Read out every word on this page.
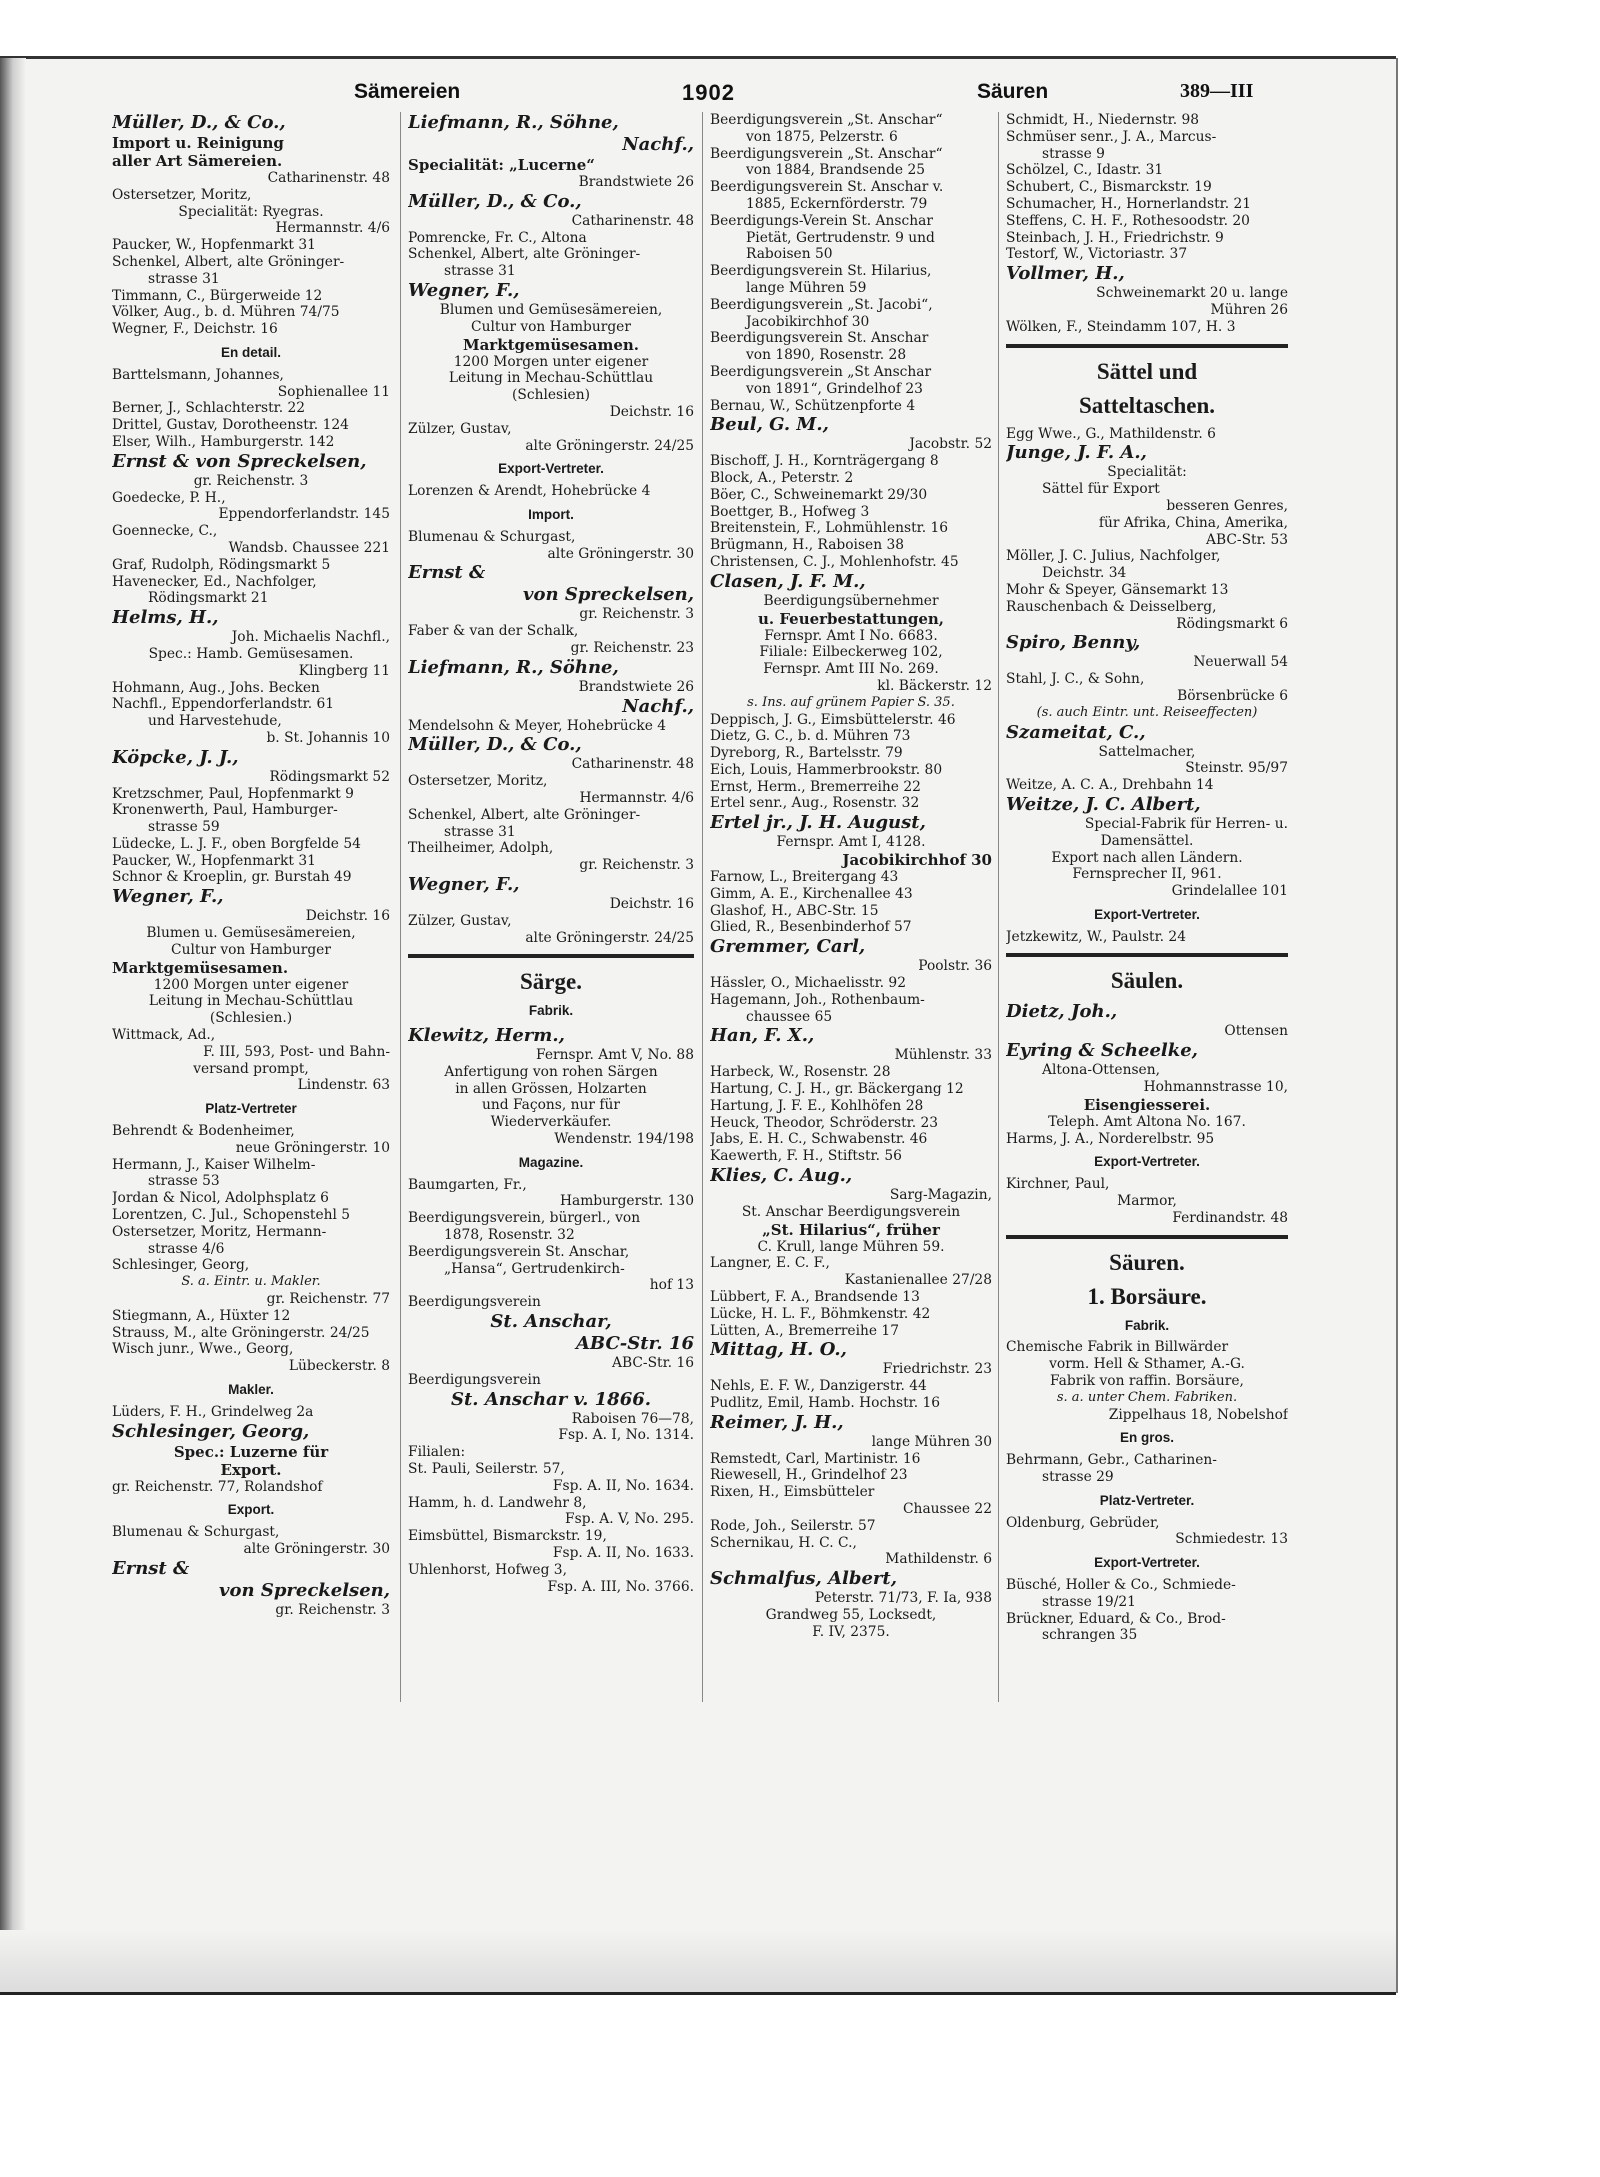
Sämereien	1902	Säuren	389—III
Müller, D., & Co.,
Import u. Reinigung
aller Art Sämereien.
Catharinenstr. 48
Ostersetzer, Moritz,
Specialität: Ryegras.
Hermannstr. 4/6
Paucker, W., Hopfenmarkt 31
Schenkel, Albert, alte Gröninger-
strasse 31
Timmann, C., Bürgerweide 12
Völker, Aug., b. d. Mühren 74/75
Wegner, F., Deichstr. 16
En detail.
Barttelsmann, Johannes,
Sophienallee 11
Berner, J., Schlachterstr. 22
Drittel, Gustav, Dorotheenstr. 124
Elser, Wilh., Hamburgerstr. 142
Ernst & von Spreckelsen,
gr. Reichenstr. 3
Goedecke, P. H.,
Eppendorferlandstr. 145
Goennecke, C.,
Wandsb. Chaussee 221
Graf, Rudolph, Rödingsmarkt 5
Havenecker, Ed., Nachfolger,
Rödingsmarkt 21
Helms, H.,
Joh. Michaelis Nachfl.,
Spec.: Hamb. Gemüsesamen.
Klingberg 11
Hohmann, Aug., Johs. Becken
Nachfl., Eppendorferlandstr. 61
und Harvestehude,
b. St. Johannis 10
Köpcke, J. J.,
Rödingsmarkt 52
Kretzschmer, Paul, Hopfenmarkt 9
Kronenwerth, Paul, Hamburger-
strasse 59
Lüdecke, L. J. F., oben Borgfelde 54
Paucker, W., Hopfenmarkt 31
Schnor & Kroeplin, gr. Burstah 49
Wegner, F.,
Deichstr. 16
Blumen u. Gemüsesämereien,
Cultur von Hamburger
Marktgemüsesamen.
1200 Morgen unter eigener
Leitung in Mechau-Schüttlau
(Schlesien.)
Wittmack, Ad.,
F. III, 593, Post- und Bahn-
versand prompt,
Lindenstr. 63
Platz-Vertreter
Behrendt & Bodenheimer,
neue Gröningerstr. 10
Hermann, J., Kaiser Wilhelm-
strasse 53
Jordan & Nicol, Adolphsplatz 6
Lorentzen, C. Jul., Schopenstehl 5
Ostersetzer, Moritz, Hermann-
strasse 4/6
Schlesinger, Georg,
S. a. Eintr. u. Makler.
gr. Reichenstr. 77
Stiegmann, A., Hüxter 12
Strauss, M., alte Gröningerstr. 24/25
Wisch junr., Wwe., Georg,
Lübeckerstr. 8
Makler.
Lüders, F. H., Grindelweg 2a
Schlesinger, Georg,
Spec.: Luzerne für
Export.
gr. Reichenstr. 77, Rolandshof
Export.
Blumenau & Schurgast,
alte Gröningerstr. 30
Ernst &
von Spreckelsen,
gr. Reichenstr. 3
Liefmann, R., Söhne,
Nachf.,
Specialität: „Lucerne“
Brandstwiete 26
Müller, D., & Co.,
Catharinenstr. 48
Pomrencke, Fr. C., Altona
Schenkel, Albert, alte Gröninger-
strasse 31
Wegner, F.,
Blumen und Gemüsesämereien,
Cultur von Hamburger
Marktgemüsesamen.
1200 Morgen unter eigener
Leitung in Mechau-Schüttlau
(Schlesien)
Deichstr. 16
Zülzer, Gustav,
alte Gröningerstr. 24/25
Export-Vertreter.
Lorenzen & Arendt, Hohebrücke 4
Import.
Blumenau & Schurgast,
alte Gröningerstr. 30
Ernst &
von Spreckelsen,
gr. Reichenstr. 3
Faber & van der Schalk,
gr. Reichenstr. 23
Liefmann, R., Söhne,
Brandstwiete 26
Nachf.,
Mendelsohn & Meyer, Hohebrücke 4
Müller, D., & Co.,
Catharinenstr. 48
Ostersetzer, Moritz,
Hermannstr. 4/6
Schenkel, Albert, alte Gröninger-
strasse 31
Theilheimer, Adolph,
gr. Reichenstr. 3
Wegner, F.,
Deichstr. 16
Zülzer, Gustav,
alte Gröningerstr. 24/25
Särge.
Fabrik.
Klewitz, Herm.,
Fernspr. Amt V, No. 88
Anfertigung von rohen Särgen
in allen Grössen, Holzarten
und Façons, nur für
Wiederverkäufer.
Wendenstr. 194/198
Magazine.
Baumgarten, Fr.,
Hamburgerstr. 130
Beerdigungsverein, bürgerl., von
1878, Rosenstr. 32
Beerdigungsverein St. Anschar,
„Hansa“, Gertrudenkirch-
hof 13
Beerdigungsverein
St. Anschar,
ABC-Str. 16
ABC-Str. 16
Beerdigungsverein
St. Anschar v. 1866.
Raboisen 76—78,
Fsp. A. I, No. 1314.
Filialen:
St. Pauli, Seilerstr. 57,
Fsp. A. II, No. 1634.
Hamm, h. d. Landwehr 8,
Fsp. A. V, No. 295.
Eimsbüttel, Bismarckstr. 19,
Fsp. A. II, No. 1633.
Uhlenhorst, Hofweg 3,
Fsp. A. III, No. 3766.
Beerdigungsverein „St. Anschar“
von 1875, Pelzerstr. 6
Beerdigungsverein „St. Anschar“
von 1884, Brandsende 25
Beerdigungsverein St. Anschar v.
1885, Eckernförderstr. 79
Beerdigungs-Verein St. Anschar
Pietät, Gertrudenstr. 9 und
Raboisen 50
Beerdigungsverein St. Hilarius,
lange Mühren 59
Beerdigungsverein „St. Jacobi“,
Jacobikirchhof 30
Beerdigungsverein St. Anschar
von 1890, Rosenstr. 28
Beerdigungsverein „St Anschar
von 1891“, Grindelhof 23
Bernau, W., Schützenpforte 4
Beul, G. M.,
Jacobstr. 52
Bischoff, J. H., Kornträgergang 8
Block, A., Peterstr. 2
Böer, C., Schweinemarkt 29/30
Boettger, B., Hofweg 3
Breitenstein, F., Lohmühlenstr. 16
Brügmann, H., Raboisen 38
Christensen, C. J., Mohlenhofstr. 45
Clasen, J. F. M.,
Beerdigungsübernehmer
u. Feuerbestattungen,
Fernspr. Amt I No. 6683.
Filiale: Eilbeckerweg 102,
Fernspr. Amt III No. 269.
kl. Bäckerstr. 12
s. Ins. auf grünem Papier S. 35.
Deppisch, J. G., Eimsbüttelerstr. 46
Dietz, G. C., b. d. Mühren 73
Dyreborg, R., Bartelsstr. 79
Eich, Louis, Hammerbrookstr. 80
Ernst, Herm., Bremerreihe 22
Ertel senr., Aug., Rosenstr. 32
Ertel jr., J. H. August,
Fernspr. Amt I, 4128.
Jacobikirchhof 30
Farnow, L., Breitergang 43
Gimm, A. E., Kirchenallee 43
Glashof, H., ABC-Str. 15
Glied, R., Besenbinderhof 57
Gremmer, Carl,
Poolstr. 36
Hässler, O., Michaelisstr. 92
Hagemann, Joh., Rothenbaum-
chaussee 65
Han, F. X.,
Mühlenstr. 33
Harbeck, W., Rosenstr. 28
Hartung, C. J. H., gr. Bäckergang 12
Hartung, J. F. E., Kohlhöfen 28
Heuck, Theodor, Schröderstr. 23
Jabs, E. H. C., Schwabenstr. 46
Kaewerth, F. H., Stiftstr. 56
Klies, C. Aug.,
Sarg-Magazin,
St. Anschar Beerdigungsverein
„St. Hilarius“, früher
C. Krull, lange Mühren 59.
Langner, E. C. F.,
Kastanienallee 27/28
Lübbert, F. A., Brandsende 13
Lücke, H. L. F., Böhmkenstr. 42
Lütten, A., Bremerreihe 17
Mittag, H. O.,
Friedrichstr. 23
Nehls, E. F. W., Danzigerstr. 44
Pudlitz, Emil, Hamb. Hochstr. 16
Reimer, J. H.,
lange Mühren 30
Remstedt, Carl, Martinistr. 16
Riewesell, H., Grindelhof 23
Rixen, H., Eimsbütteler
Chaussee 22
Rode, Joh., Seilerstr. 57
Schernikau, H. C. C.,
Mathildenstr. 6
Schmalfus, Albert,
Peterstr. 71/73, F. Ia, 938
Grandweg 55, Locksedt,
F. IV, 2375.
Schmidt, H., Niedernstr. 98
Schmüser senr., J. A., Marcus-
strasse 9
Schölzel, C., Idastr. 31
Schubert, C., Bismarckstr. 19
Schumacher, H., Hornerlandstr. 21
Steffens, C. H. F., Rothesoodstr. 20
Steinbach, J. H., Friedrichstr. 9
Testorf, W., Victoriastr. 37
Vollmer, H.,
Schweinemarkt 20 u. lange
Mühren 26
Wölken, F., Steindamm 107, H. 3
Sättel und
Satteltaschen.
Egg Wwe., G., Mathildenstr. 6
Junge, J. F. A.,
Specialität:
Sättel für Export
besseren Genres,
für Afrika, China, Amerika,
ABC-Str. 53
Möller, J. C. Julius, Nachfolger,
Deichstr. 34
Mohr & Speyer, Gänsemarkt 13
Rauschenbach & Deisselberg,
Rödingsmarkt 6
Spiro, Benny,
Neuerwall 54
Stahl, J. C., & Sohn,
Börsenbrücke 6
(s. auch Eintr. unt. Reiseeffecten)
Szameitat, C.,
Sattelmacher,
Steinstr. 95/97
Weitze, A. C. A., Drehbahn 14
Weitze, J. C. Albert,
Special-Fabrik für Herren- u.
Damensättel.
Export nach allen Ländern.
Fernsprecher II, 961.
Grindelallee 101
Export-Vertreter.
Jetzkewitz, W., Paulstr. 24
Säulen.
Dietz, Joh.,
Ottensen
Eyring & Scheelke,
Altona-Ottensen,
Hohmannstrasse 10,
Eisengiesserei.
Teleph. Amt Altona No. 167.
Harms, J. A., Norderelbstr. 95
Export-Vertreter.
Kirchner, Paul,
Marmor,
Ferdinandstr. 48
Säuren.
1. Borsäure.
Fabrik.
Chemische Fabrik in Billwärder
vorm. Hell & Sthamer, A.-G.
Fabrik von raffin. Borsäure,
s. a. unter Chem. Fabriken.
Zippelhaus 18, Nobelshof
En gros.
Behrmann, Gebr., Catharinen-
strasse 29
Platz-Vertreter.
Oldenburg, Gebrüder,
Schmiedestr. 13
Export-Vertreter.
Büsché, Holler & Co., Schmiede-
strasse 19/21
Brückner, Eduard, & Co., Brod-
schrangen 35
